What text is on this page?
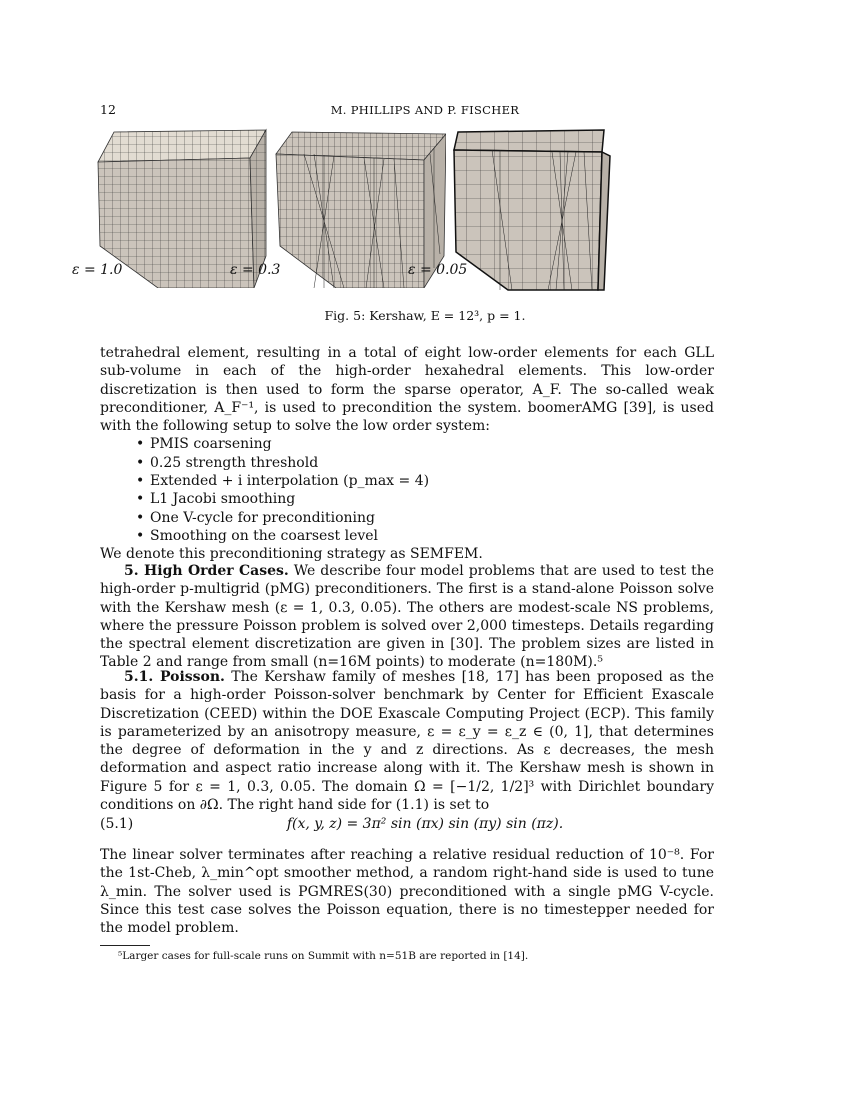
12	M. PHILLIPS AND P. FISCHER
ε = 1.0	ε = 0.3	ε = 0.05
Fig. 5: Kershaw, E = 12³, p = 1.

tetrahedral element, resulting in a total of eight low-order elements for each GLL sub-volume in each of the high-order hexahedral elements. This low-order discretization is then used to form the sparse operator, A_F. The so-called weak preconditioner, A_F⁻¹, is used to precondition the system. boomerAMG [39], is used with the following setup to solve the low order system:

• PMIS coarsening
• 0.25 strength threshold
• Extended + i interpolation (p_max = 4)
• L1 Jacobi smoothing
• One V-cycle for preconditioning
• Smoothing on the coarsest level

We denote this preconditioning strategy as SEMFEM.

5. High Order Cases. We describe four model problems that are used to test the high-order p-multigrid (pMG) preconditioners. The first is a stand-alone Poisson solve with the Kershaw mesh (ε = 1, 0.3, 0.05). The others are modest-scale NS problems, where the pressure Poisson problem is solved over 2,000 timesteps. Details regarding the spectral element discretization are given in [30]. The problem sizes are listed in Table 2 and range from small (n=16M points) to moderate (n=180M).⁵

5.1. Poisson. The Kershaw family of meshes [18, 17] has been proposed as the basis for a high-order Poisson-solver benchmark by Center for Efficient Exascale Discretization (CEED) within the DOE Exascale Computing Project (ECP). This family is parameterized by an anisotropy measure, ε = ε_y = ε_z ∈ (0, 1], that determines the degree of deformation in the y and z directions. As ε decreases, the mesh deformation and aspect ratio increase along with it. The Kershaw mesh is shown in Figure 5 for ε = 1, 0.3, 0.05. The domain Ω = [−1/2, 1/2]³ with Dirichlet boundary conditions on ∂Ω. The right hand side for (1.1) is set to

(5.1)	f(x, y, z) = 3π² sin (πx) sin (πy) sin (πz).

The linear solver terminates after reaching a relative residual reduction of 10⁻⁸. For the 1st-Cheb, λ_min^opt smoother method, a random right-hand side is used to tune λ_min. The solver used is PGMRES(30) preconditioned with a single pMG V-cycle. Since this test case solves the Poisson equation, there is no timestepper needed for the model problem.

⁵Larger cases for full-scale runs on Summit with n=51B are reported in [14].
